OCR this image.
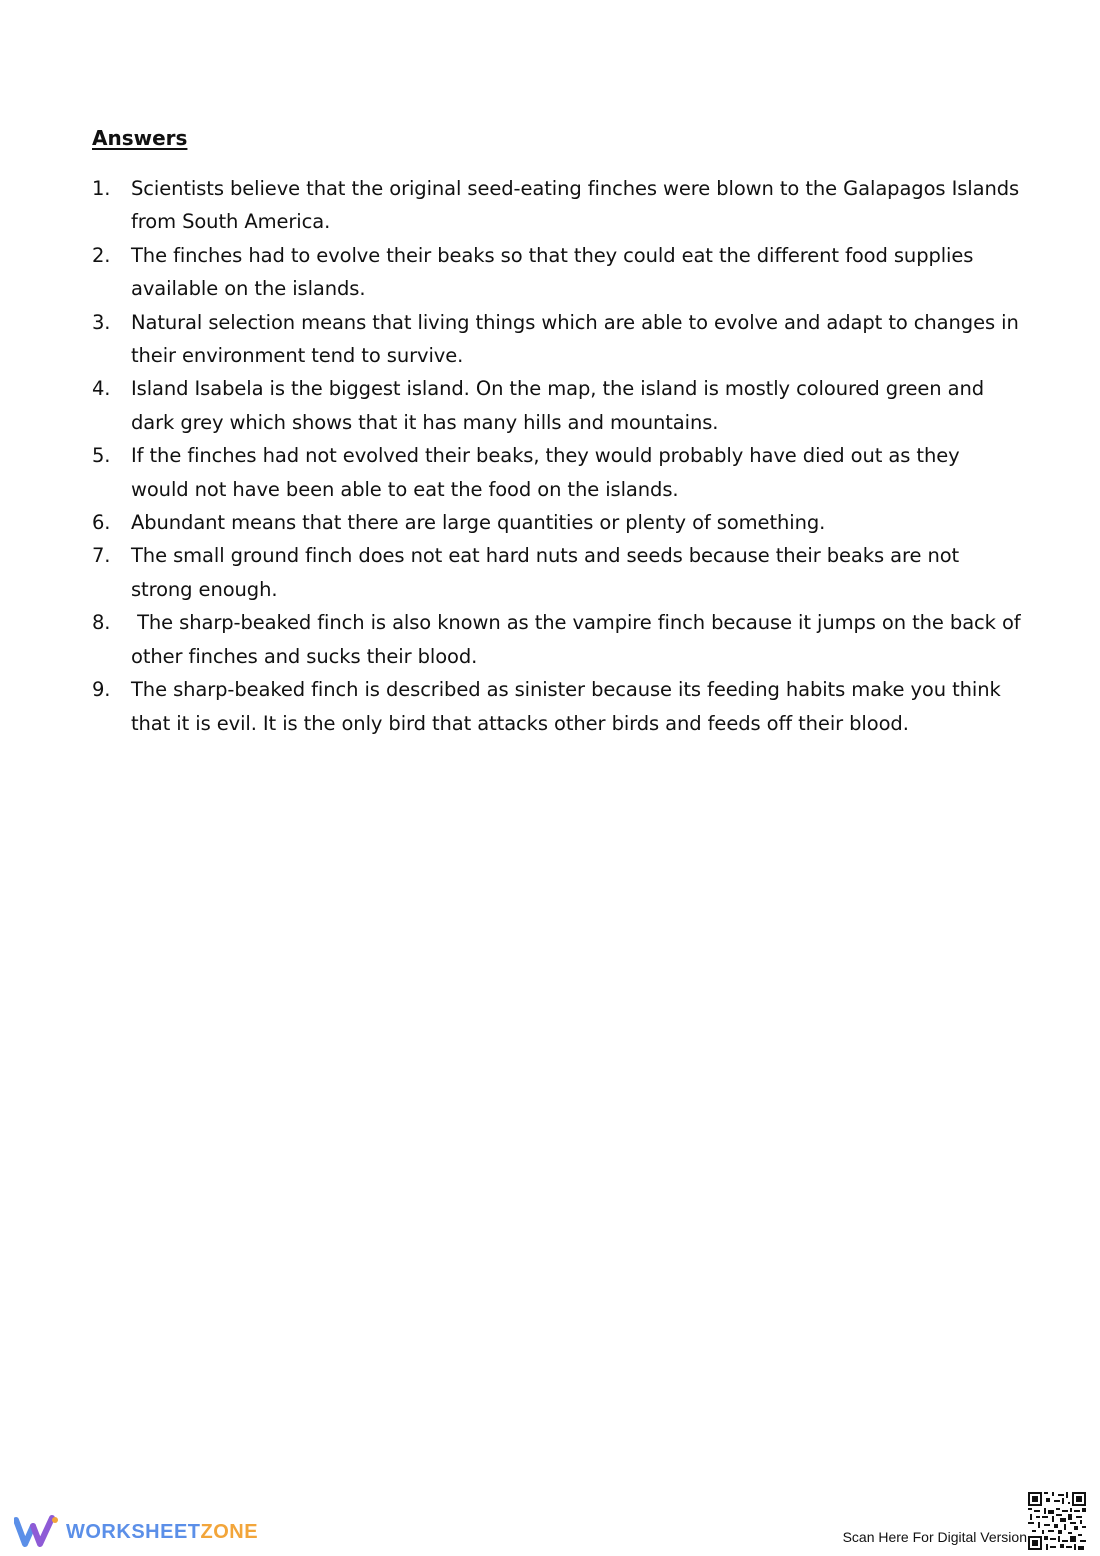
Answers
1.	Scientists believe that the original seed-eating finches were blown to the Galapagos Islands from South America.
2.	The finches had to evolve their beaks so that they could eat the different food supplies available on the islands.
3.	Natural selection means that living things which are able to evolve and adapt to changes in their environment tend to survive.
4.	Island Isabela is the biggest island. On the map, the island is mostly coloured green and dark grey which shows that it has many hills and mountains.
5.	If the finches had not evolved their beaks, they would probably have died out as they would not have been able to eat the food on the islands.
6.	Abundant means that there are large quantities or plenty of something.
7.	The small ground finch does not eat hard nuts and seeds because their beaks are not strong enough.
8.	The sharp-beaked finch is also known as the vampire finch because it jumps on the back of other finches and sucks their blood.
9.	The sharp-beaked finch is described as sinister because its feeding habits make you think that it is evil. It is the only bird that attacks other birds and feeds off their blood.
WORKSHEETZONE	Scan Here For Digital Version
